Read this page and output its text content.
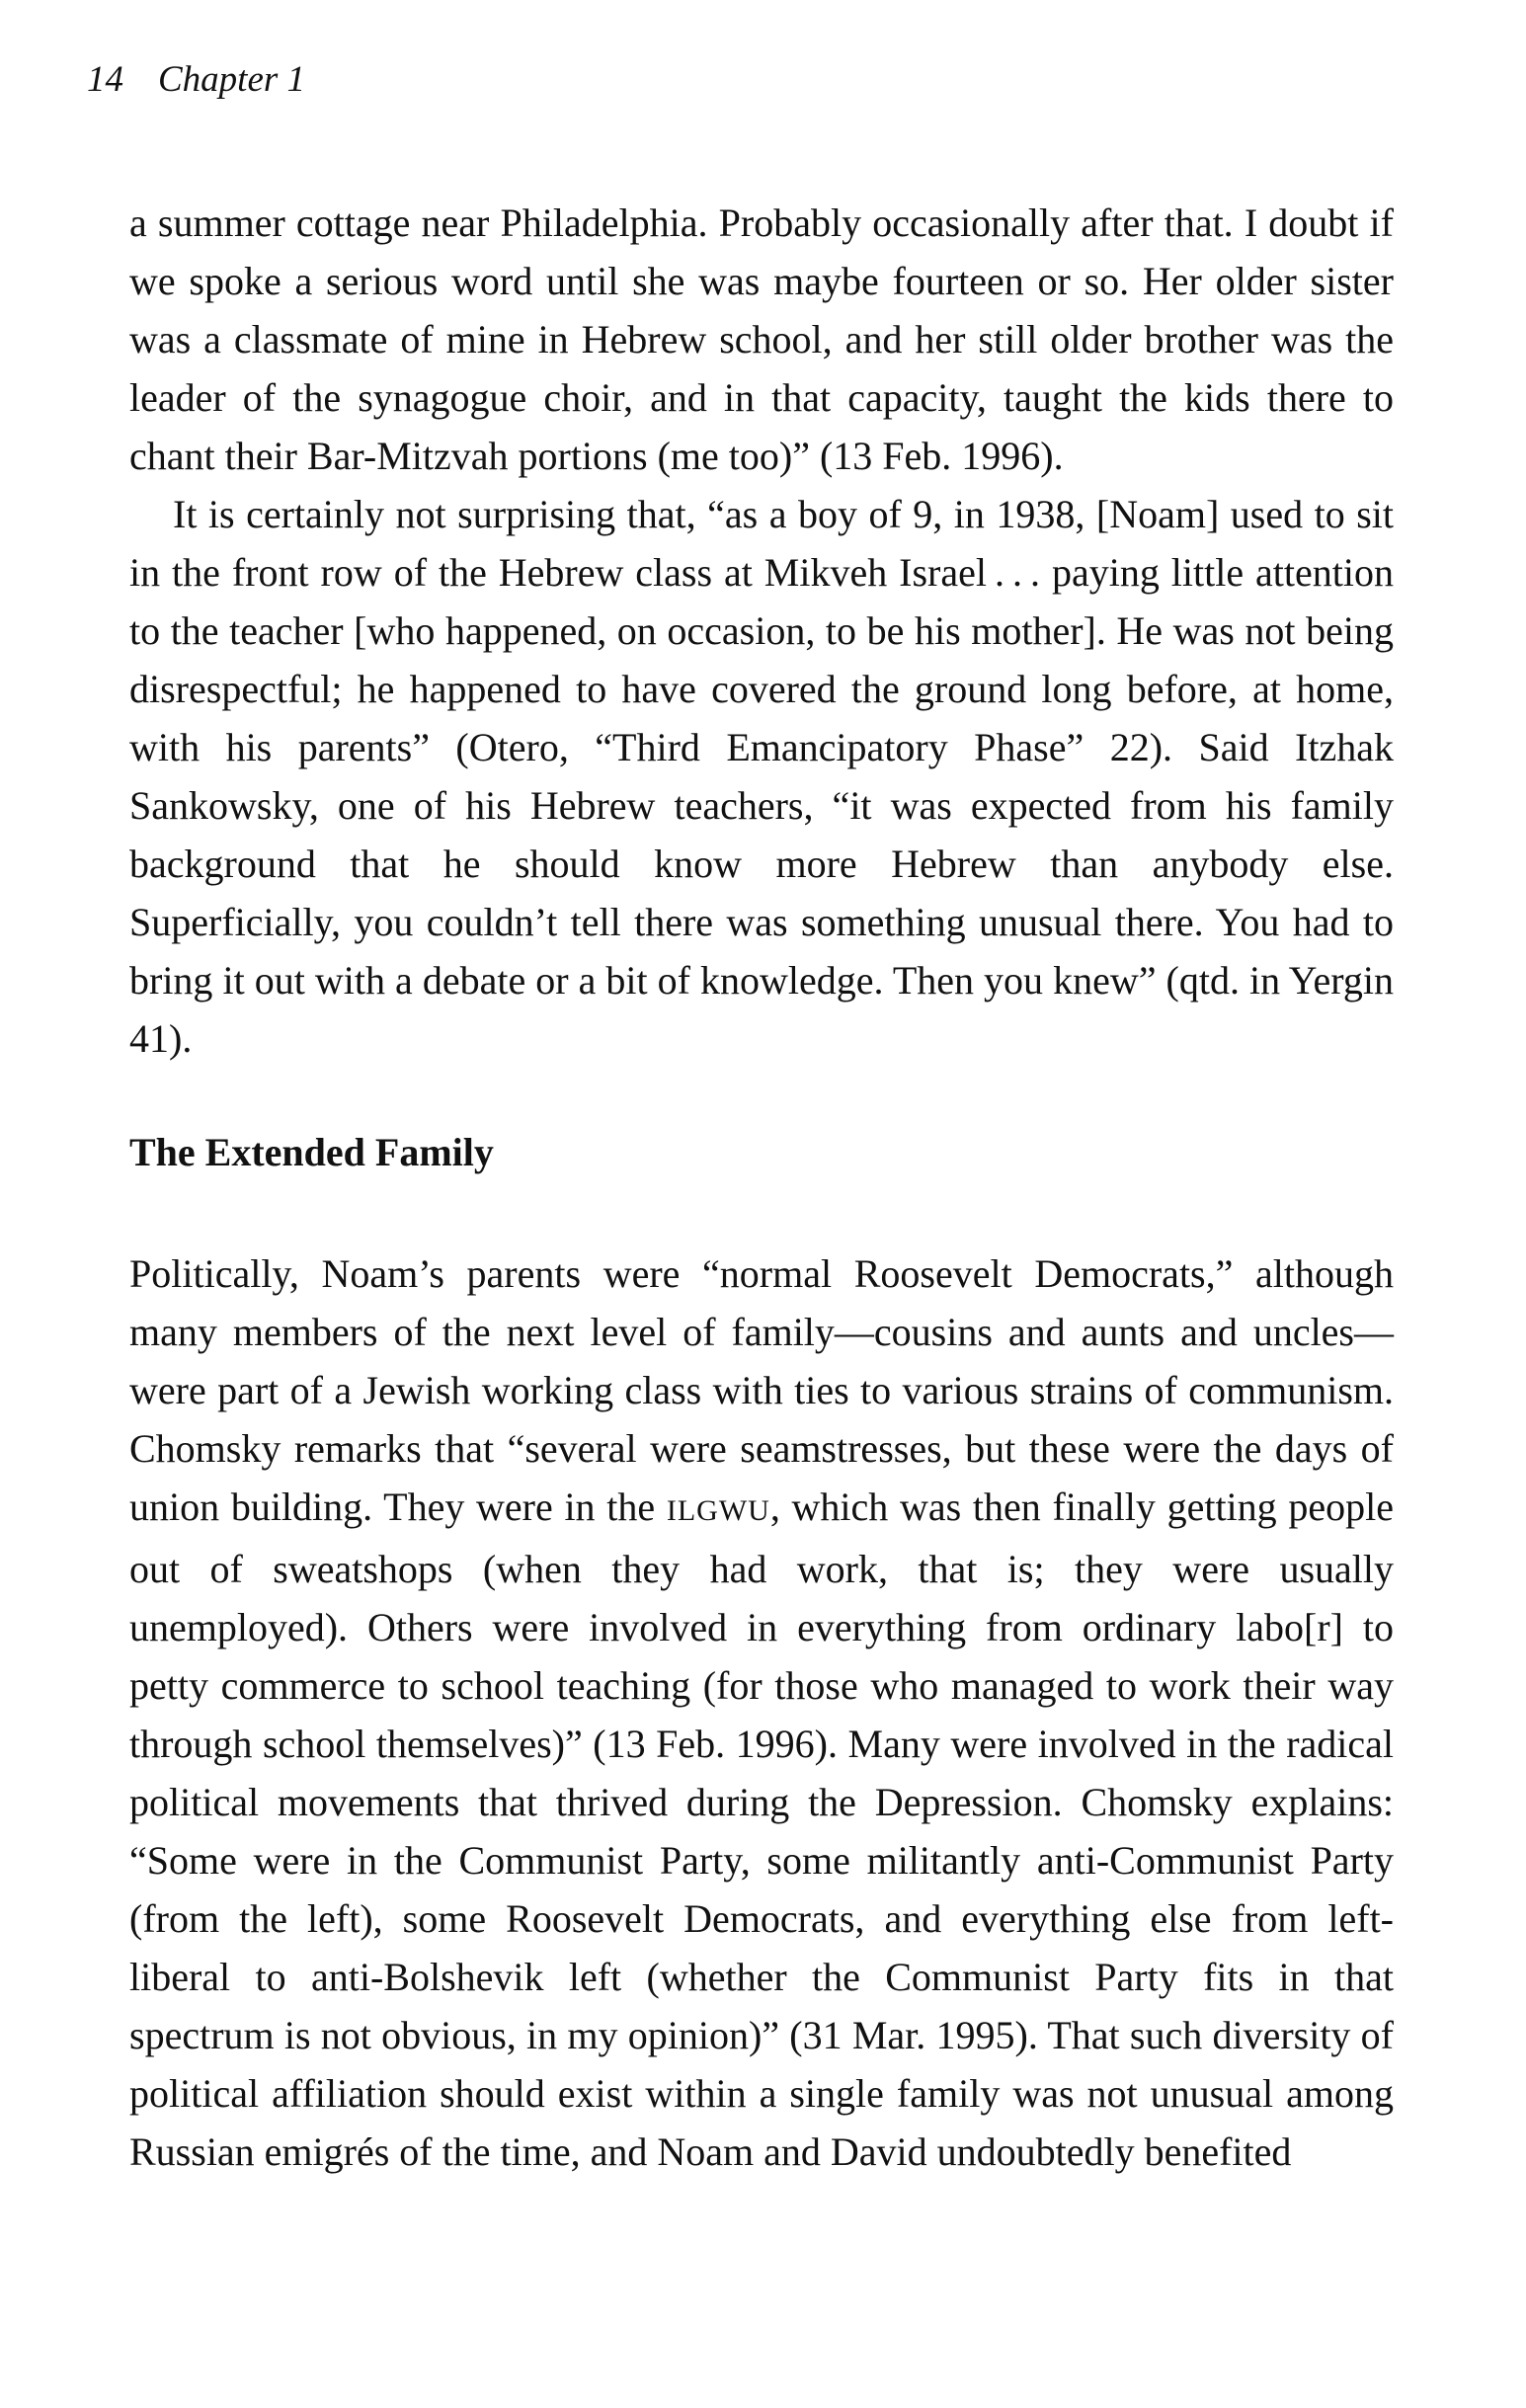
14 Chapter 1

a summer cottage near Philadelphia. Probably occasionally after that. I doubt if we spoke a serious word until she was maybe fourteen or so. Her older sister was a classmate of mine in Hebrew school, and her still older brother was the leader of the synagogue choir, and in that capacity, taught the kids there to chant their Bar-Mitzvah portions (me too)” (13 Feb. 1996).

It is certainly not surprising that, “as a boy of 9, in 1938, [Noam] used to sit in the front row of the Hebrew class at Mikveh Israel . . . paying little attention to the teacher [who happened, on occasion, to be his mother]. He was not being disrespectful; he happened to have covered the ground long before, at home, with his parents” (Otero, “Third Emancipatory Phase” 22). Said Itzhak Sankowsky, one of his Hebrew teachers, “it was expected from his family background that he should know more Hebrew than anybody else. Superficially, you couldn’t tell there was something unusual there. You had to bring it out with a debate or a bit of knowledge. Then you knew” (qtd. in Yergin 41).

The Extended Family

Politically, Noam’s parents were “normal Roosevelt Democrats,” although many members of the next level of family—cousins and aunts and uncles—were part of a Jewish working class with ties to various strains of communism. Chomsky remarks that “several were seamstresses, but these were the days of union building. They were in the ILGWU, which was then finally getting people out of sweatshops (when they had work, that is; they were usually unemployed). Others were involved in everything from ordinary labo[r] to petty commerce to school teaching (for those who managed to work their way through school themselves)” (13 Feb. 1996). Many were involved in the radical political movements that thrived during the Depression. Chomsky explains: “Some were in the Communist Party, some militantly anti-Communist Party (from the left), some Roosevelt Democrats, and everything else from left-liberal to anti-Bolshevik left (whether the Communist Party fits in that spectrum is not obvious, in my opinion)” (31 Mar. 1995). That such diversity of political affiliation should exist within a single family was not unusual among Russian emigrés of the time, and Noam and David undoubtedly benefited
